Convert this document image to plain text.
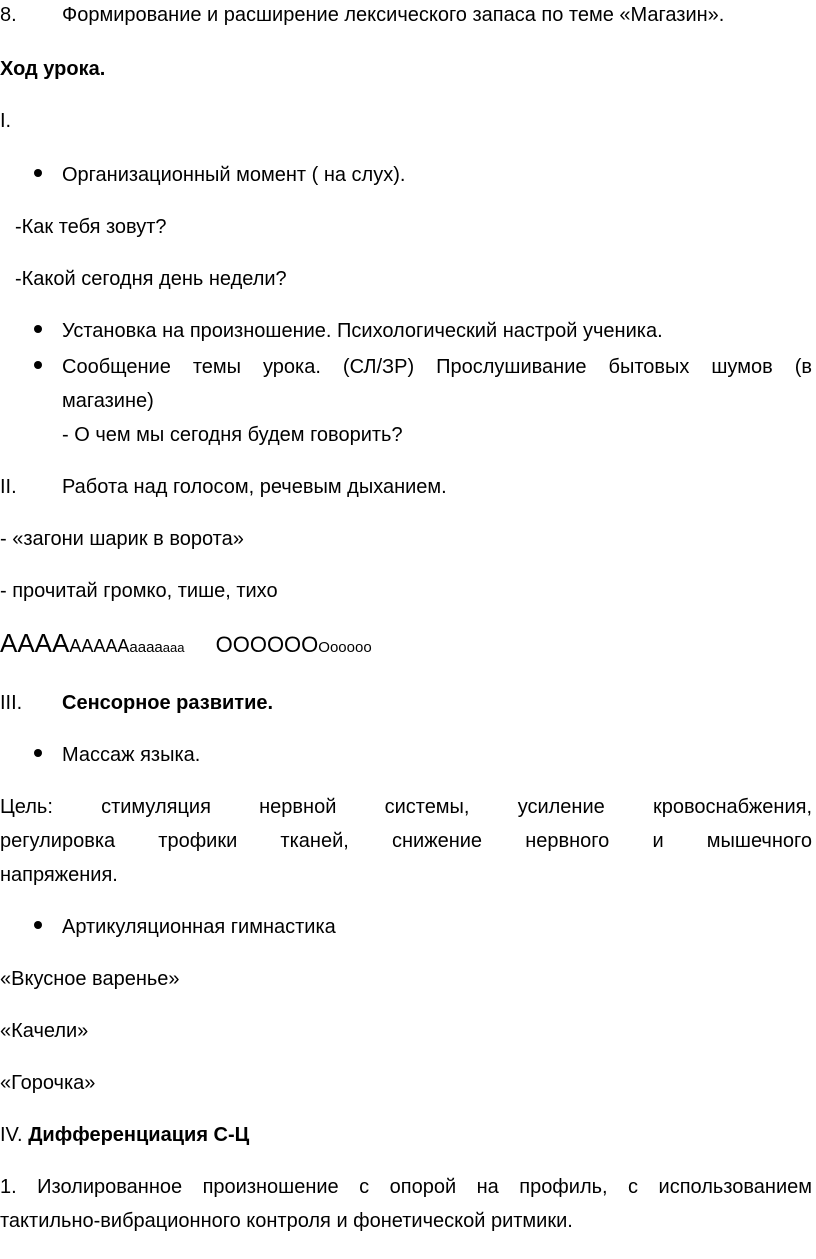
8. Формирование и расширение лексического запаса по теме «Магазин».
Ход урока.
I.
Организационный момент ( на слух).
-Как тебя зовут?
-Какой сегодня день недели?
Установка на произношение. Психологический настрой ученика.
Сообщение темы урока. (СЛ/ЗР) Прослушивание бытовых шумов (в
магазине)
- О чем мы сегодня будем говорить?
II. Работа над голосом, речевым дыханием.
- «загони шарик в ворота»
- прочитай громко, тише, тихо
АААААААААааааааа ОООООООооооо
III. Сенсорное развитие.
Массаж языка.
Цель: стимуляция нервной системы, усиление кровоснабжения,
регулировка трофики тканей, снижение нервного и мышечного
напряжения.
Артикуляционная гимнастика
«Вкусное варенье»
«Качели»
«Горочка»
IV. Дифференциация С-Ц
1. Изолированное произношение с опорой на профиль, с использованием
тактильно-вибрационного контроля и фонетической ритмики.
